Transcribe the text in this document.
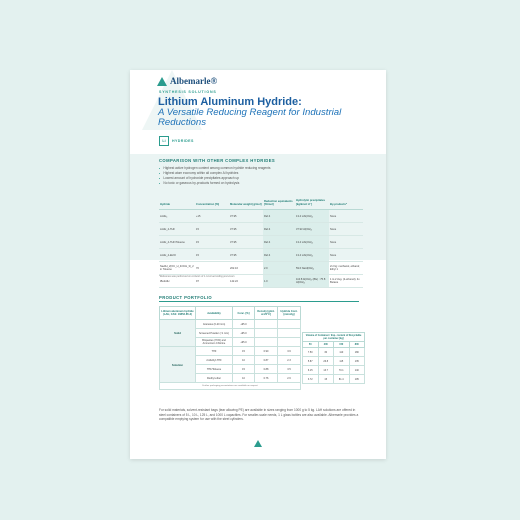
Albemarle®
SYNTHESIS SOLUTIONS
Lithium Aluminum Hydride:
A Versatile Reducing Reagent for Industrial Reductions
Li	HYDRIDES
COMPARISON WITH OTHER COMPLEX HYDRIDES
Highest active hydrogen content among common hydride reducing reagents
Highest atom economy within all complex Al hydrides
Lowest amount of hydroxide precipitates approach up
No toxic or gaseous by-products formed on hydrolysis
Hydride	Concentration [%]	Molecular weight [g/mol]	Reduction equivalents [%/mol]	Hydrolytic precipitates [kg/kmol H⁻]	By-products*
LiAlH₄	+15	37.95	Ref.4	13.4 LiAl(OH)₄	None
LiAlH_4-THF	15	37.95	Ref.4	37.93 Al(OH)₃	None
LiAlH_4-THF/Toluene	15	37.95	Ref.4	13.4 LiAl(OH)₄	None
LiAlH_4-Et2O	15	37.95	Ref.4	13.4 LiAl(OH)₄	None
NaAlH_2(OC_H_4OCH_3)_2 in Toluene	70	202.16	2.0	59.6 NaAl(OH)₄	2x Fig: methanol, ethanol; Ethyl 1
iBu2AlH	97	142.22	1.0	110.8 Al(OH)₃ (iBu) : 75.8 Al(OH)₃	1 to 2 Avg. (2-ethenol), 4x Butane
*Reference was performed on contents of 1 mmol according precursors
PRODUCT PORTFOLIO
Lithium aluminum hydride (LAH, CAS: 16853-85-3)	Availability	Conc. [%]	Density [g/mL at 20°C]	Hydride Cont. [mmol/g]
Solid	Granules (0-20 mm)	+95.0		
	Screened Powder (<1 mm)	+95.0		
	Briquettes (70%) and Ammonium Chlorine	+95.0		
Solution	THF	15	0.90	3.6
	2-Methyl-THF	10	0.87	2.3
	THF/Toluene	15	0.88	3.5
	Diethyl ether	10	0.76	2.6
Further packaging presentations are available on request				
Volume of Container / Exp. content of Recyclable per container [kg]			
50	200	150	800
7.50	30	110	180
5.87	26.8	115	135
6.15	13.7	70.1	140
3.72	15	81.4	105

For solid materials, solvent-resistant bags (tear allowing PE) are available in sizes ranging from 1000 g to 5 kg. LAH solutions are offered in steel containers of 5 L, 10 L, 125 L, and 1000 L capacities. For smaller-scale needs, 1 L glass bottles are also available. Albemarle provides a compatible emptying system for use with the steel cylinders.
